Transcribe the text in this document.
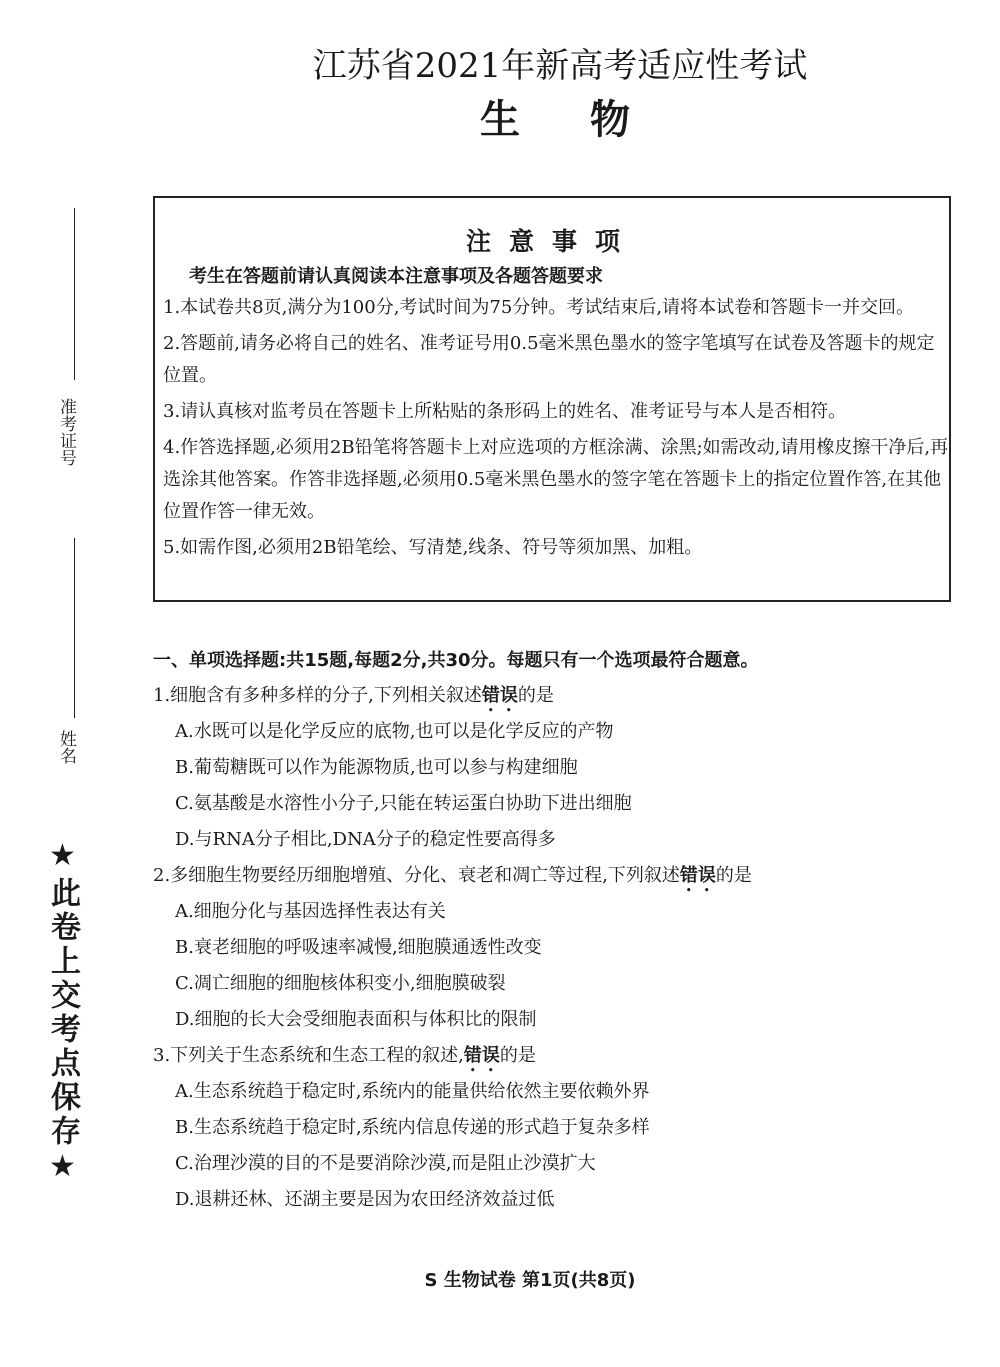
江苏省2021年新高考适应性考试
生物
准考证号
姓名
★此卷上交考点保存★
注意事项
考生在答题前请认真阅读本注意事项及各题答题要求
1.本试卷共8页,满分为100分,考试时间为75分钟。考试结束后,请将本试卷和答题卡一并交回。
2.答题前,请务必将自己的姓名、准考证号用0.5毫米黑色墨水的签字笔填写在试卷及答题卡的规定位置。
3.请认真核对监考员在答题卡上所粘贴的条形码上的姓名、准考证号与本人是否相符。
4.作答选择题,必须用2B铅笔将答题卡上对应选项的方框涂满、涂黑;如需改动,请用橡皮擦干净后,再选涂其他答案。作答非选择题,必须用0.5毫米黑色墨水的签字笔在答题卡上的指定位置作答,在其他位置作答一律无效。
5.如需作图,必须用2B铅笔绘、写清楚,线条、符号等须加黑、加粗。
一、单项选择题:共15题,每题2分,共30分。每题只有一个选项最符合题意。
1.细胞含有多种多样的分子,下列相关叙述错误的是
A.水既可以是化学反应的底物,也可以是化学反应的产物
B.葡萄糖既可以作为能源物质,也可以参与构建细胞
C.氨基酸是水溶性小分子,只能在转运蛋白协助下进出细胞
D.与RNA分子相比,DNA分子的稳定性要高得多
2.多细胞生物要经历细胞增殖、分化、衰老和凋亡等过程,下列叙述错误的是
A.细胞分化与基因选择性表达有关
B.衰老细胞的呼吸速率减慢,细胞膜通透性改变
C.凋亡细胞的细胞核体积变小,细胞膜破裂
D.细胞的长大会受细胞表面积与体积比的限制
3.下列关于生态系统和生态工程的叙述,错误的是
A.生态系统趋于稳定时,系统内的能量供给依然主要依赖外界
B.生态系统趋于稳定时,系统内信息传递的形式趋于复杂多样
C.治理沙漠的目的不是要消除沙漠,而是阻止沙漠扩大
D.退耕还林、还湖主要是因为农田经济效益过低
S 生物试卷 第1页(共8页)
